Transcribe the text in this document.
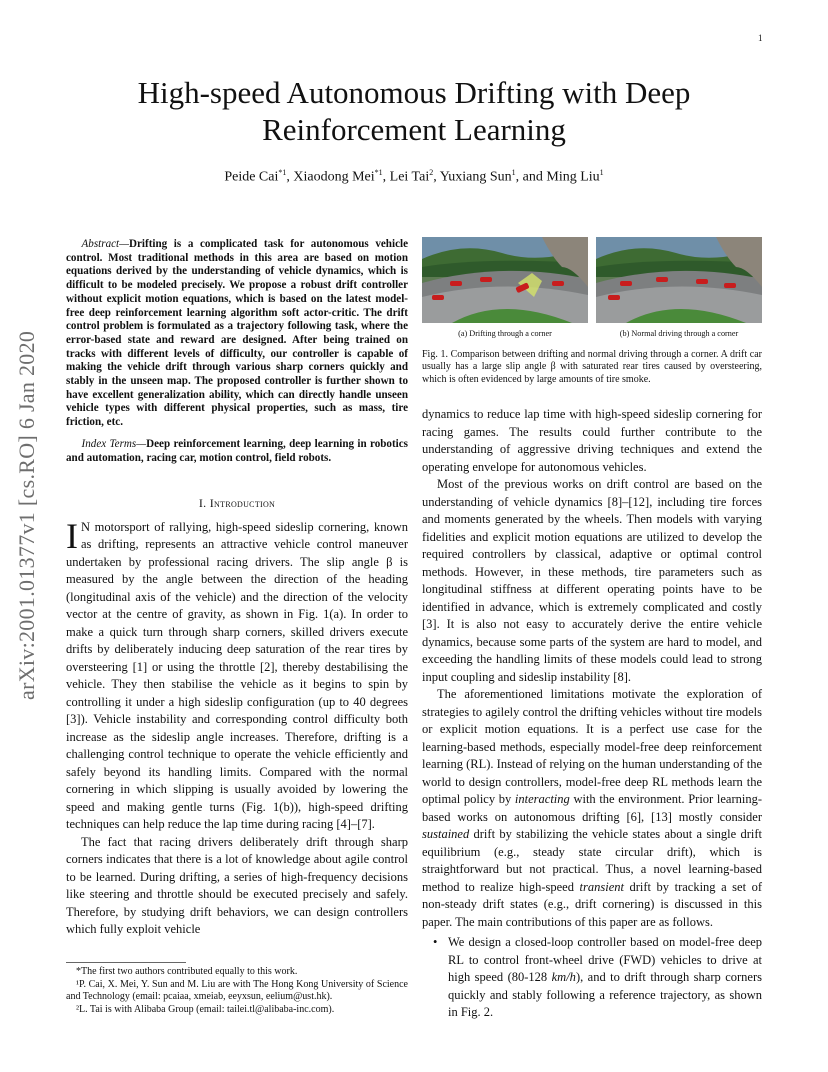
1
arXiv:2001.01377v1 [cs.RO] 6 Jan 2020
High-speed Autonomous Drifting with Deep Reinforcement Learning
Peide Cai$^{*1}$, Xiaodong Mei$^{*1}$, Lei Tai$^2$, Yuxiang Sun$^1$, and Ming Liu$^1$

Abstract—Drifting is a complicated task for autonomous vehicle control. Most traditional methods in this area are based on motion equations derived by the understanding of vehicle dynamics, which is difficult to be modeled precisely. We propose a robust drift controller without explicit motion equations, which is based on the latest model-free deep reinforcement learning algorithm soft actor-critic. The drift control problem is formulated as a trajectory following task, where the error-based state and reward are designed. After being trained on tracks with different levels of difficulty, our controller is capable of making the vehicle drift through various sharp corners quickly and stably in the unseen map. The proposed controller is further shown to have excellent generalization ability, which can directly handle unseen vehicle types with different physical properties, such as mass, tire friction, etc.

Index Terms—Deep reinforcement learning, deep learning in robotics and automation, racing car, motion control, field robots.

I. Introduction

I N motorsport of rallying, high-speed sideslip cornering, known as drifting, represents an attractive vehicle control maneuver undertaken by professional racing drivers. The slip angle β is measured by the angle between the direction of the heading (longitudinal axis of the vehicle) and the direction of the velocity vector at the centre of gravity, as shown in Fig. 1(a). In order to make a quick turn through sharp corners, skilled drivers execute drifts by deliberately inducing deep saturation of the rear tires by oversteering [1] or using the throttle [2], thereby destabilising the vehicle. They then stabilise the vehicle as it begins to spin by controlling it under a high sideslip configuration (up to 40 degrees [3]). Vehicle instability and corresponding control difficulty both increase as the sideslip angle increases. Therefore, drifting is a challenging control technique to operate the vehicle efficiently and safely beyond its handling limits. Compared with the normal cornering in which slipping is usually avoided by lowering the speed and making gentle turns (Fig. 1(b)), high-speed drifting techniques can help reduce the lap time during racing [4]–[7].

The fact that racing drivers deliberately drift through sharp corners indicates that there is a lot of knowledge about agile control to be learned. During drifting, a series of high-frequency decisions like steering and throttle should be executed precisely and safely. Therefore, by studying drift behaviors, we can design controllers which fully exploit vehicle

*The first two authors contributed equally to this work.

¹P. Cai, X. Mei, Y. Sun and M. Liu are with The Hong Kong University of Science and Technology (email: pcaiaa, xmeiab, eeyxsun, eelium@ust.hk).

²L. Tai is with Alibaba Group (email: tailei.tl@alibaba-inc.com).

(a) Drifting through a corner	(b) Normal driving through a corner
Fig. 1. Comparison between drifting and normal driving through a corner. A drift car usually has a large slip angle β with saturated rear tires caused by oversteering, which is often evidenced by large amounts of tire smoke.

dynamics to reduce lap time with high-speed sideslip cornering for racing games. The results could further contribute to the understanding of aggressive driving techniques and extend the operating envelope for autonomous vehicles.

Most of the previous works on drift control are based on the understanding of vehicle dynamics [8]–[12], including tire forces and moments generated by the wheels. Then models with varying fidelities and explicit motion equations are utilized to develop the required controllers by classical, adaptive or optimal control methods. However, in these methods, tire parameters such as longitudinal stiffness at different operating points have to be identified in advance, which is extremely complicated and costly [3]. It is also not easy to accurately derive the entire vehicle dynamics, because some parts of the system are hard to model, and exceeding the handling limits of these models could lead to strong input coupling and sideslip instability [8].

The aforementioned limitations motivate the exploration of strategies to agilely control the drifting vehicles without tire models or explicit motion equations. It is a perfect use case for the learning-based methods, especially model-free deep reinforcement learning (RL). Instead of relying on the human understanding of the world to design controllers, model-free deep RL methods learn the optimal policy by interacting with the environment. Prior learning-based works on autonomous drifting [6], [13] mostly consider sustained drift by stabilizing the vehicle states about a single drift equilibrium (e.g., steady state circular drift), which is straightforward but not practical. Thus, a novel learning-based method to realize high-speed transient drift by tracking a set of non-steady drift states (e.g., drift cornering) is discussed in this paper. The main contributions of this paper are as follows.

• We design a closed-loop controller based on model-free deep RL to control front-wheel drive (FWD) vehicles to drive at high speed (80-128 km/h), and to drift through sharp corners quickly and stably following a reference trajectory, as shown in Fig. 2.
